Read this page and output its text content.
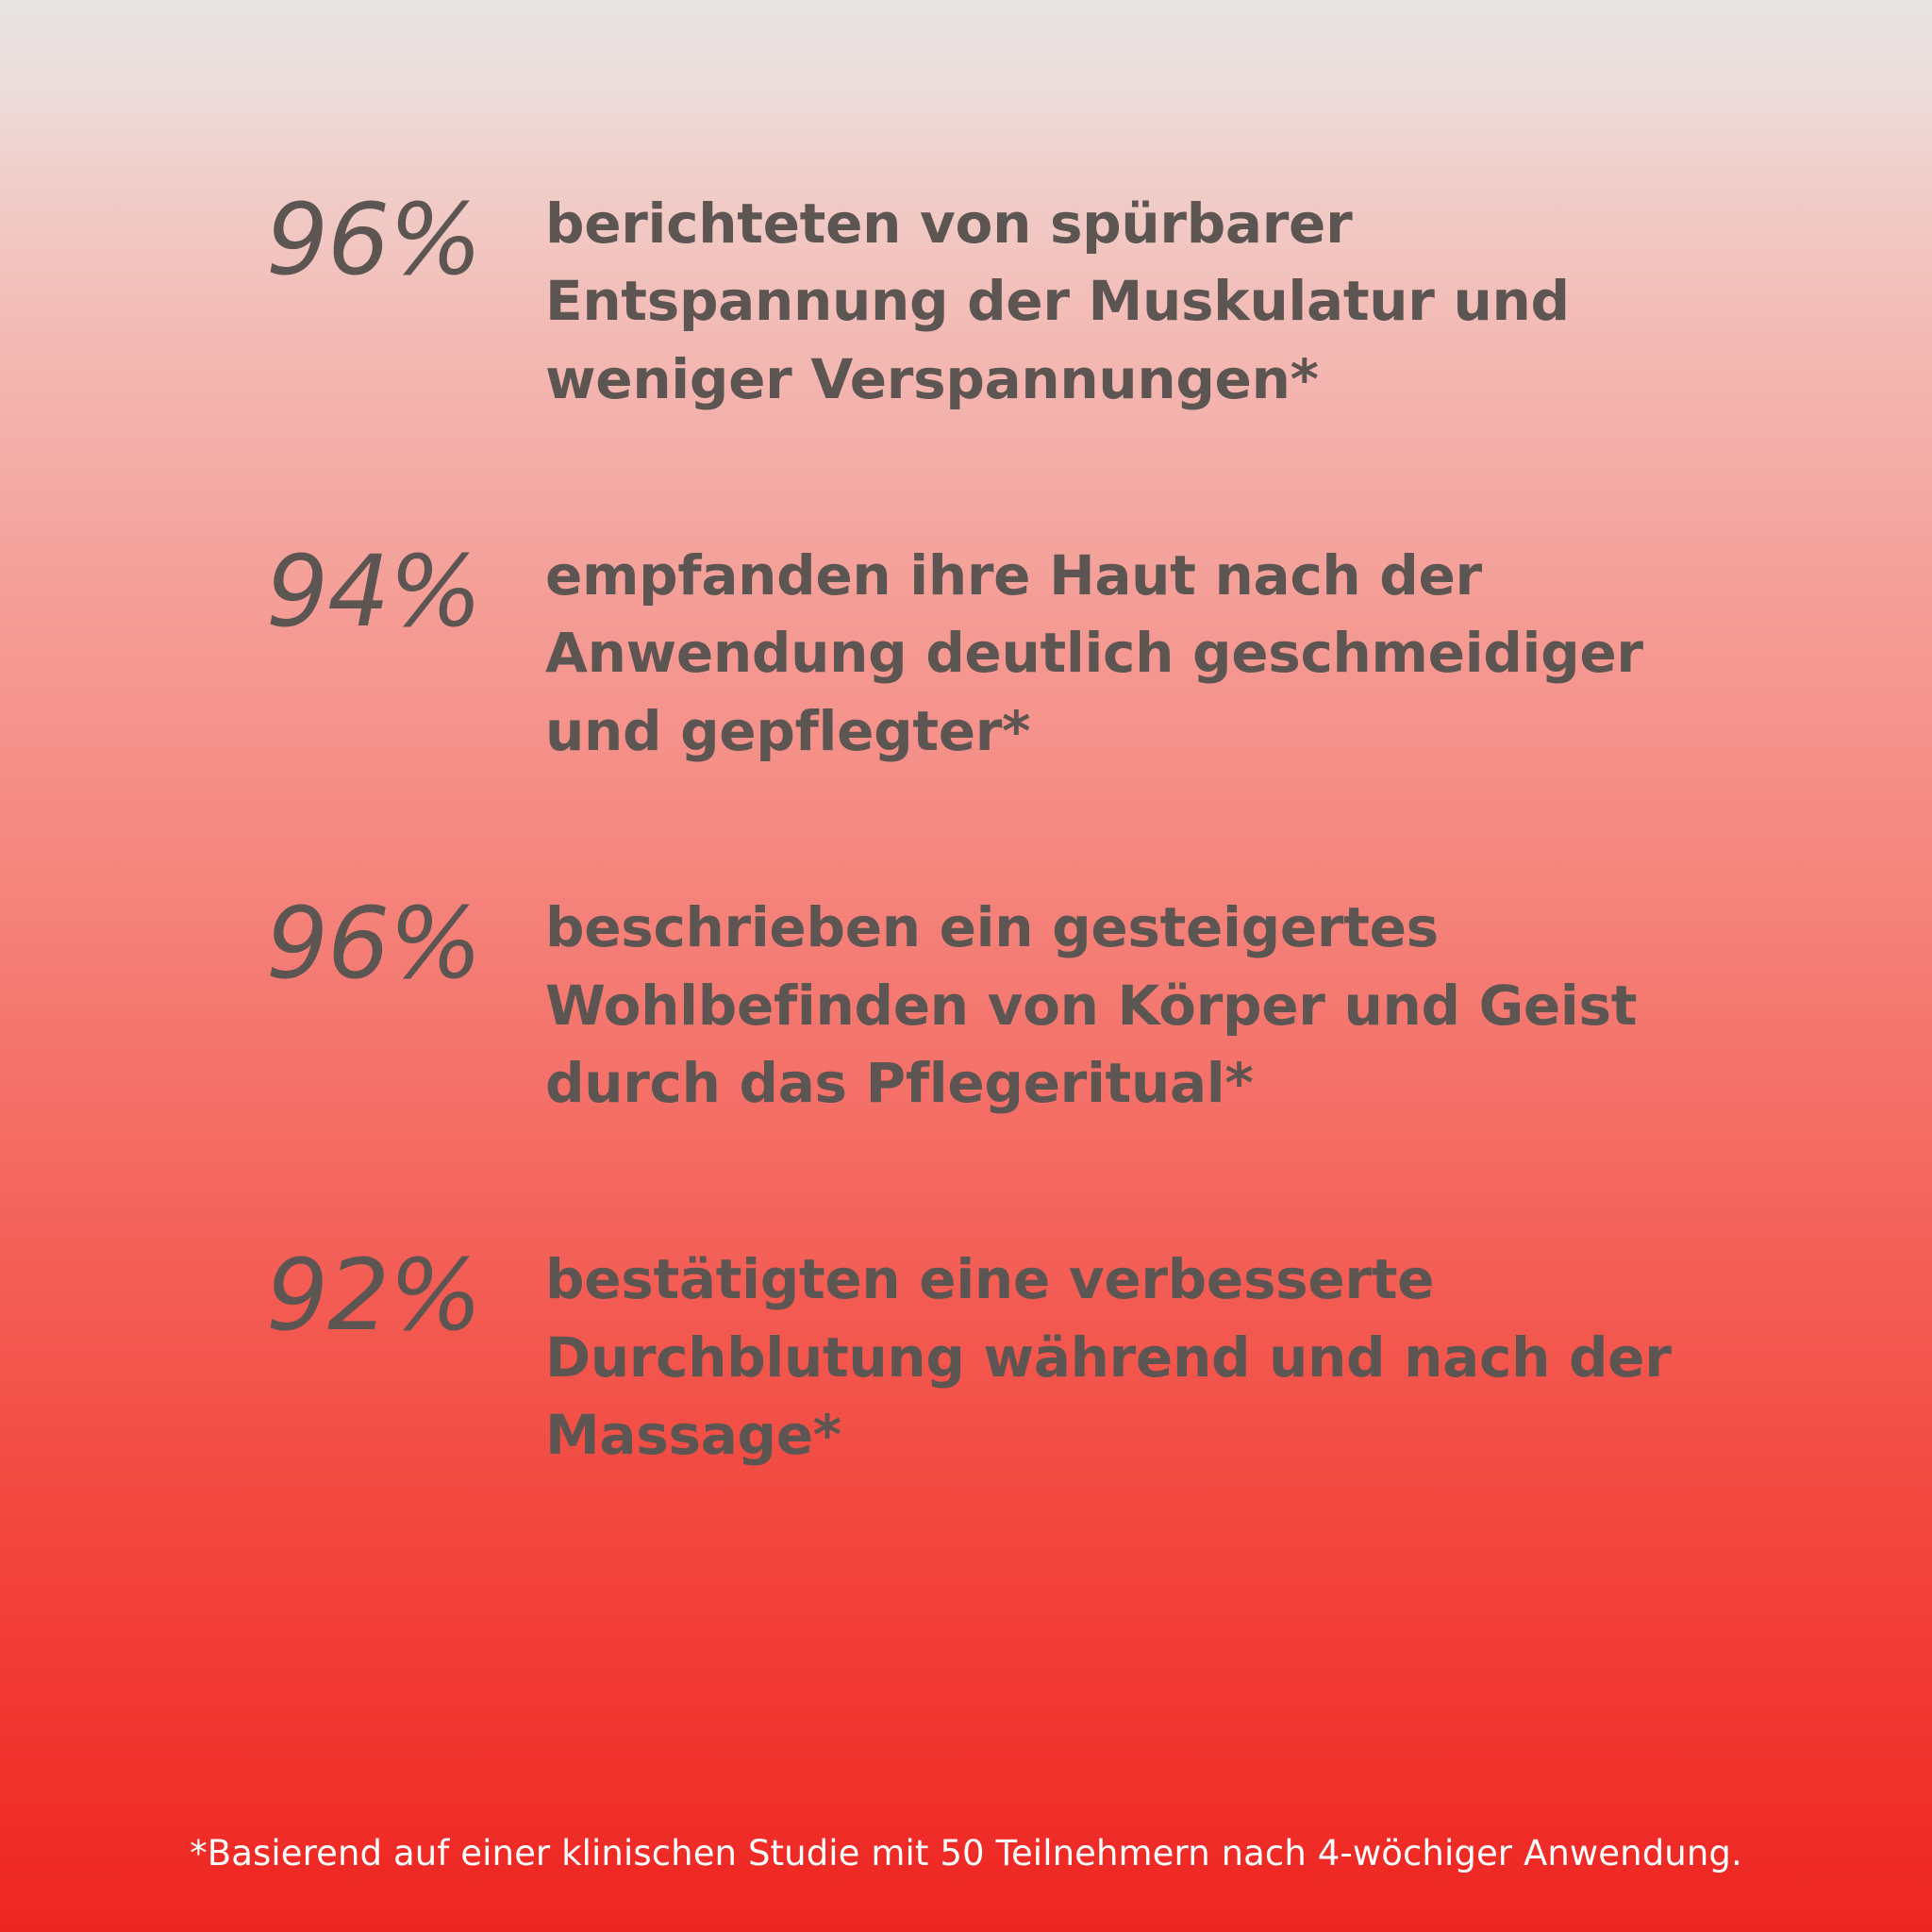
96%	berichteten von spürbarer Entspannung der Muskulatur und weniger Verspannungen*
94%	empfanden ihre Haut nach der Anwendung deutlich geschmeidiger und gepflegter*
96%	beschrieben ein gesteigertes Wohlbefinden von Körper und Geist durch das Pflegeritual*
92%	bestätigten eine verbesserte Durchblutung während und nach der Massage*
*Basierend auf einer klinischen Studie mit 50 Teilnehmern nach 4-wöchiger Anwendung.
